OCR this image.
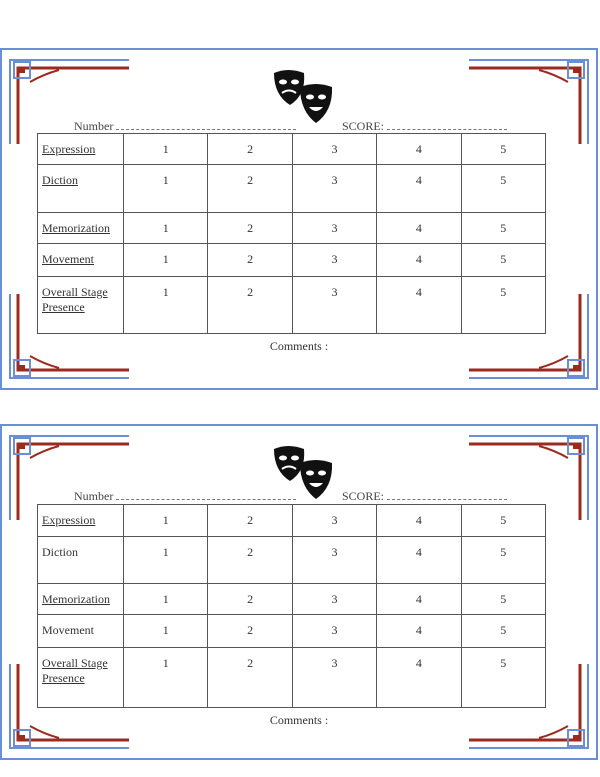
Number	SCORE:
Expression	1	2	3	4	5
Diction	1	2	3	4	5
Memorization	1	2	3	4	5
Movement	1	2	3	4	5
Overall Stage Presence	1	2	3	4	5
Comments :
Number	SCORE:
Expression	1	2	3	4	5
Diction	1	2	3	4	5
Memorization	1	2	3	4	5
Movement	1	2	3	4	5
Overall Stage Presence	1	2	3	4	5
Comments :
